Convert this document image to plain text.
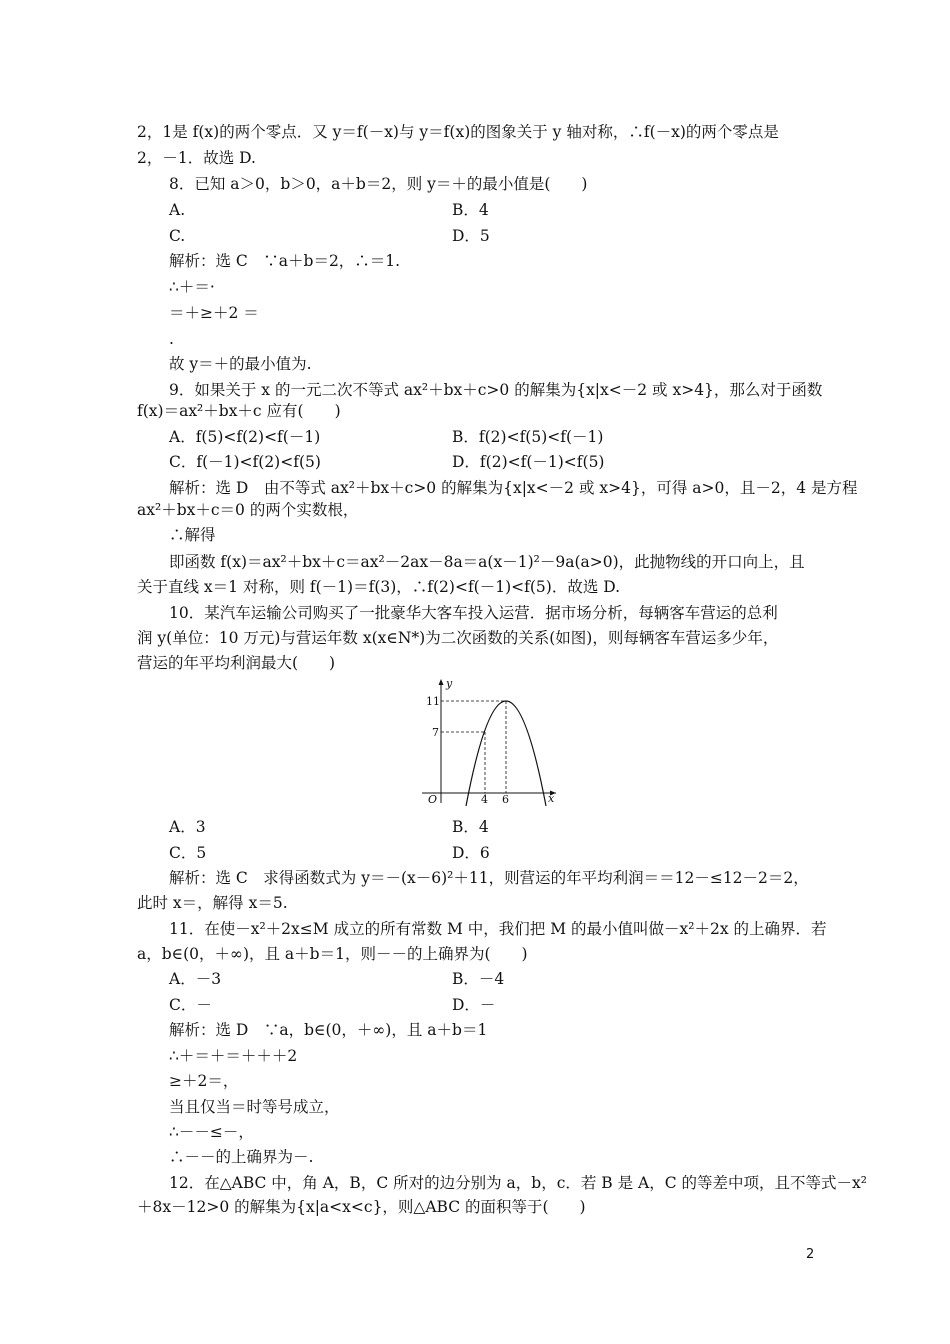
2，1是 f(x)的两个零点．又 y＝f(－x)与 y＝f(x)的图象关于 y 轴对称，∴f(－x)的两个零点是
2，－1．故选 D.
8．已知 a＞0，b＞0，a＋b＝2，则 y＝＋的最小值是(　　)
A.	B．4
C.	D．5
解析：选 C　∵a＋b＝2，∴＝1.
∴＋＝·
＝＋≥＋2 ＝
.
故 y＝＋的最小值为.
9．如果关于 x 的一元二次不等式 ax²＋bx＋c>0 的解集为{x|x<－2 或 x>4}，那么对于函数
f(x)＝ax²＋bx＋c 应有(　　)
A．f(5)<f(2)<f(－1)	B．f(2)<f(5)<f(－1)
C．f(－1)<f(2)<f(5)	D．f(2)<f(－1)<f(5)
解析：选 D　由不等式 ax²＋bx＋c>0 的解集为{x|x<－2 或 x>4}，可得 a>0，且－2，4 是方程
ax²＋bx＋c＝0 的两个实数根，
∴解得
即函数 f(x)＝ax²＋bx＋c＝ax²－2ax－8a＝a(x－1)²－9a(a>0)，此抛物线的开口向上，且
关于直线 x＝1 对称，则 f(－1)＝f(3)，∴f(2)<f(－1)<f(5)．故选 D.
10．某汽车运输公司购买了一批豪华大客车投入运营．据市场分析，每辆客车营运的总利
润 y(单位：10 万元)与营运年数 x(x∈N*)为二次函数的关系(如图)，则每辆客车营运多少年，
营运的年平均利润最大(　　)
y
x
O
11
7
4 6
A．3	B．4
C．5	D．6
解析：选 C　求得函数式为 y＝－(x－6)²＋11，则营运的年平均利润＝＝12－≤12－2＝2，
此时 x＝，解得 x＝5.
11．在使－x²＋2x≤M 成立的所有常数 M 中，我们把 M 的最小值叫做－x²＋2x 的上确界．若
a，b∈(0，＋∞)，且 a＋b＝1，则－－的上确界为(　　)
A．－3	B．－4
C．－	D．－
解析：选 D　∵a，b∈(0，＋∞)，且 a＋b＝1
∴＋＝＋＝＋＋＋2
≥＋2＝，
当且仅当＝时等号成立，
∴－－≤－，
∴－－的上确界为－.
12．在△ABC 中，角 A，B，C 所对的边分别为 a，b，c．若 B 是 A，C 的等差中项，且不等式－x²
＋8x－12>0 的解集为{x|a<x<c}，则△ABC 的面积等于(　　)
2
